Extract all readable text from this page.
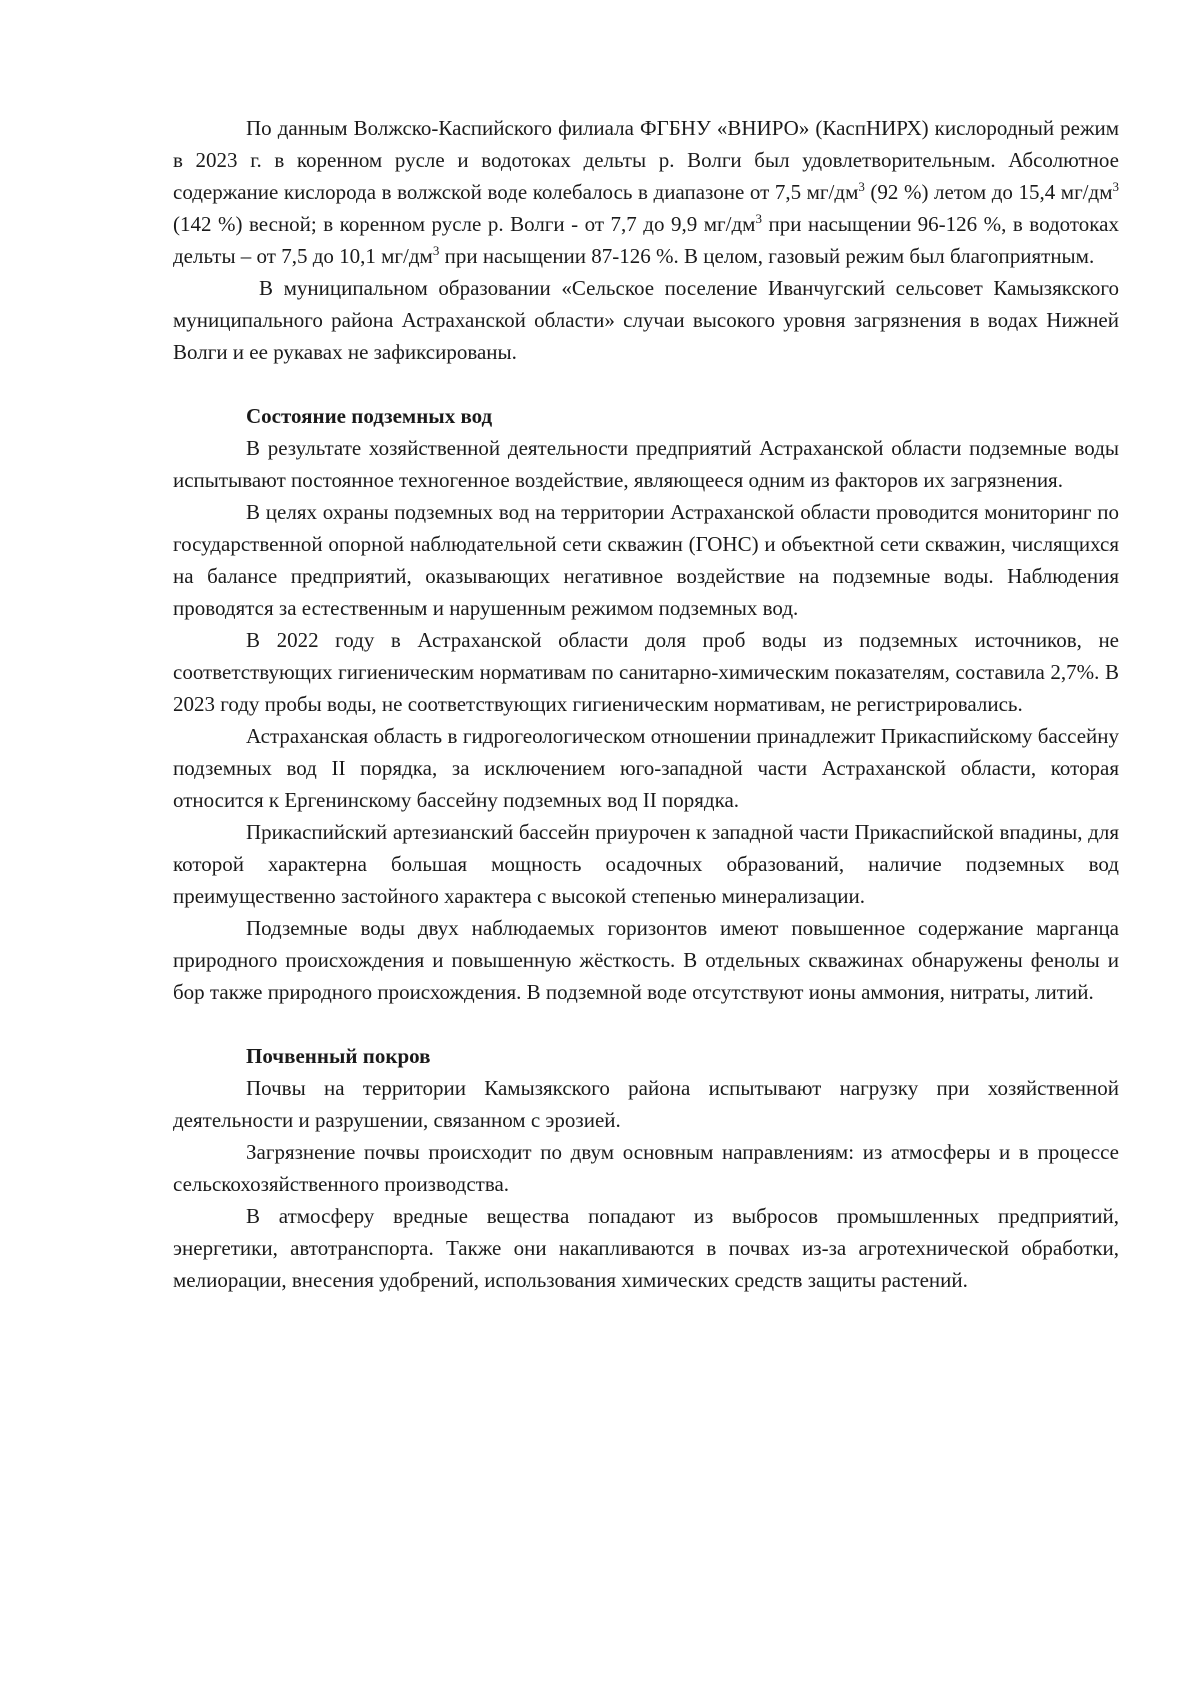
По данным Волжско-Каспийского филиала ФГБНУ «ВНИРО» (КаспНИРХ) кислородный режим в 2023 г. в коренном русле и водотоках дельты р. Волги был удовлетворительным. Абсолютное содержание кислорода в волжской воде колебалось в диапазоне от 7,5 $мг/дм^3$ (92 %) летом до 15,4 $мг/дм^3$ (142 %) весной; в коренном русле р. Волги - от 7,7 до 9,9 $мг/дм^3$ при насыщении 96-126 %, в водотоках дельты – от 7,5 до 10,1 $мг/дм^3$ при насыщении 87-126 %. В целом, газовый режим был благоприятным.

В муниципальном образовании «Сельское поселение Иванчугский сельсовет Камызякского муниципального района Астраханской области» случаи высокого уровня загрязнения в водах Нижней Волги и ее рукавах не зафиксированы.

Состояние подземных вод

В результате хозяйственной деятельности предприятий Астраханской области подземные воды испытывают постоянное техногенное воздействие, являющееся одним из факторов их загрязнения.

В целях охраны подземных вод на территории Астраханской области проводится мониторинг по государственной опорной наблюдательной сети скважин (ГОНС) и объектной сети скважин, числящихся на балансе предприятий, оказывающих негативное воздействие на подземные воды. Наблюдения проводятся за естественным и нарушенным режимом подземных вод.

В 2022 году в Астраханской области доля проб воды из подземных источников, не соответствующих гигиеническим нормативам по санитарно-химическим показателям, составила 2,7%. В 2023 году пробы воды, не соответствующих гигиеническим нормативам, не регистрировались.

Астраханская область в гидрогеологическом отношении принадлежит Прикаспийскому бассейну подземных вод II порядка, за исключением юго-западной части Астраханской области, которая относится к Ергенинскому бассейну подземных вод II порядка.

Прикаспийский артезианский бассейн приурочен к западной части Прикаспийской впадины, для которой характерна большая мощность осадочных образований, наличие подземных вод преимущественно застойного характера с высокой степенью минерализации.

Подземные воды двух наблюдаемых горизонтов имеют повышенное содержание марганца природного происхождения и повышенную жёсткость. В отдельных скважинах обнаружены фенолы и бор также природного происхождения. В подземной воде отсутствуют ионы аммония, нитраты, литий.

Почвенный покров

Почвы на территории Камызякского района испытывают нагрузку при хозяйственной деятельности и разрушении, связанном с эрозией.

Загрязнение почвы происходит по двум основным направлениям: из атмосферы и в процессе сельскохозяйственного производства.

В атмосферу вредные вещества попадают из выбросов промышленных предприятий, энергетики, автотранспорта. Также они накапливаются в почвах из-за агротехнической обработки, мелиорации, внесения удобрений, использования химических средств защиты растений.
